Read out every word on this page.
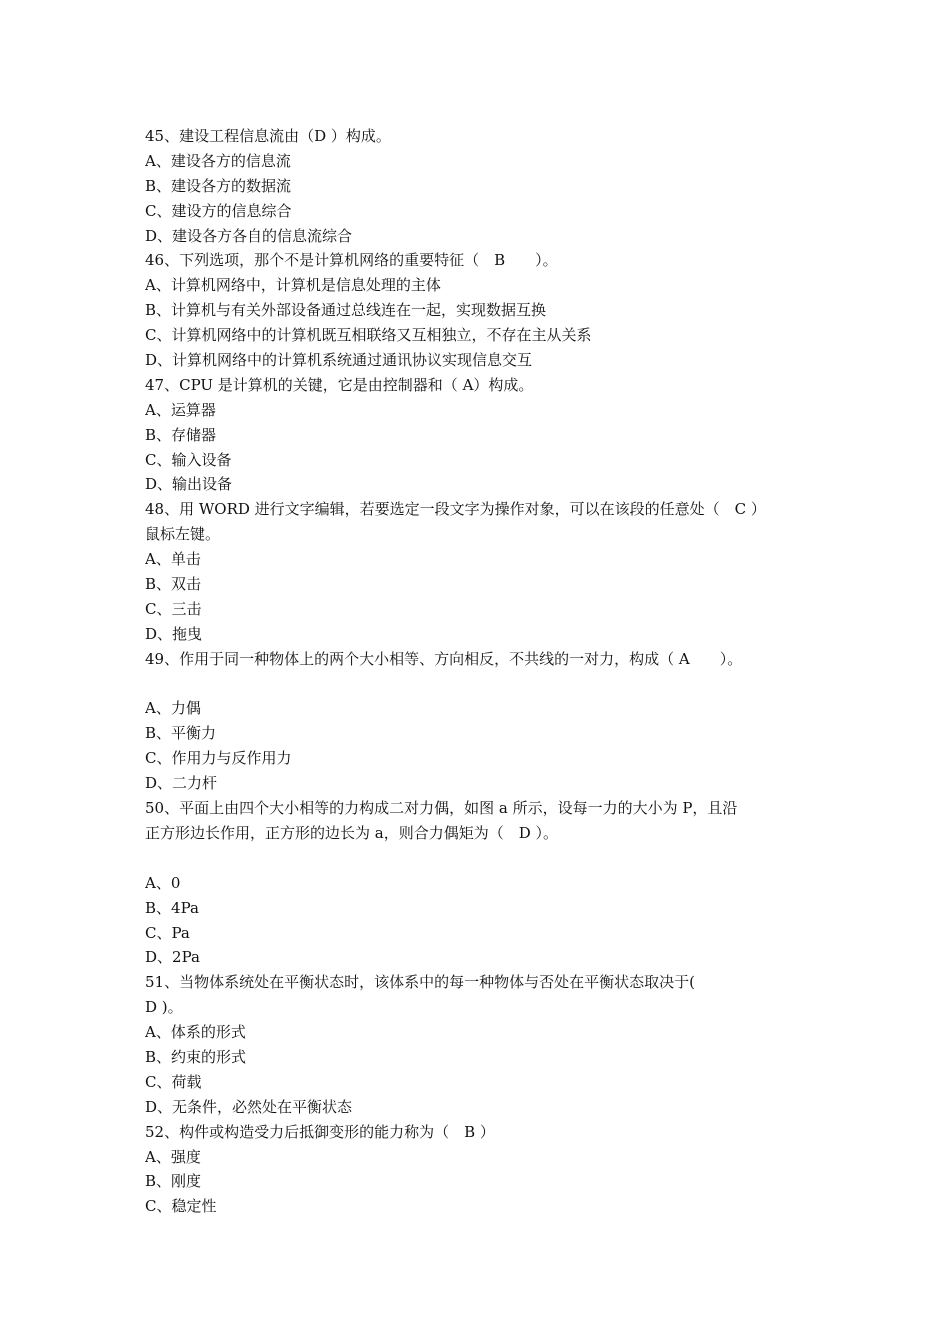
45、建设工程信息流由（D ）构成。
A、建设各方的信息流
B、建设各方的数据流
C、建设方的信息综合
D、建设各方各自的信息流综合
46、下列选项，那个不是计算机网络的重要特征（　B　　）。
A、计算机网络中，计算机是信息处理的主体
B、计算机与有关外部设备通过总线连在一起，实现数据互换
C、计算机网络中的计算机既互相联络又互相独立，不存在主从关系
D、计算机网络中的计算机系统通过通讯协议实现信息交互
47、CPU 是计算机的关键，它是由控制器和（ A）构成。
A、运算器
B、存储器
C、输入设备
D、输出设备
48、用 WORD 进行文字编辑，若要选定一段文字为操作对象，可以在该段的任意处（　C ）
鼠标左键。
A、单击
B、双击
C、三击
D、拖曳
49、作用于同一种物体上的两个大小相等、方向相反，不共线的一对力，构成（ A　　）。
A、力偶
B、平衡力
C、作用力与反作用力
D、二力杆
50、平面上由四个大小相等的力构成二对力偶，如图 a 所示，设每一力的大小为 P，且沿
正方形边长作用，正方形的边长为 a，则合力偶矩为（　D ）。
A、0
B、4Pa
C、Pa
D、2Pa
51、当物体系统处在平衡状态时，该体系中的每一种物体与否处在平衡状态取决于(
D )。
A、体系的形式
B、约束的形式
C、荷载
D、无条件，必然处在平衡状态
52、构件或构造受力后抵御变形的能力称为（　B ）
A、强度
B、刚度
C、稳定性
